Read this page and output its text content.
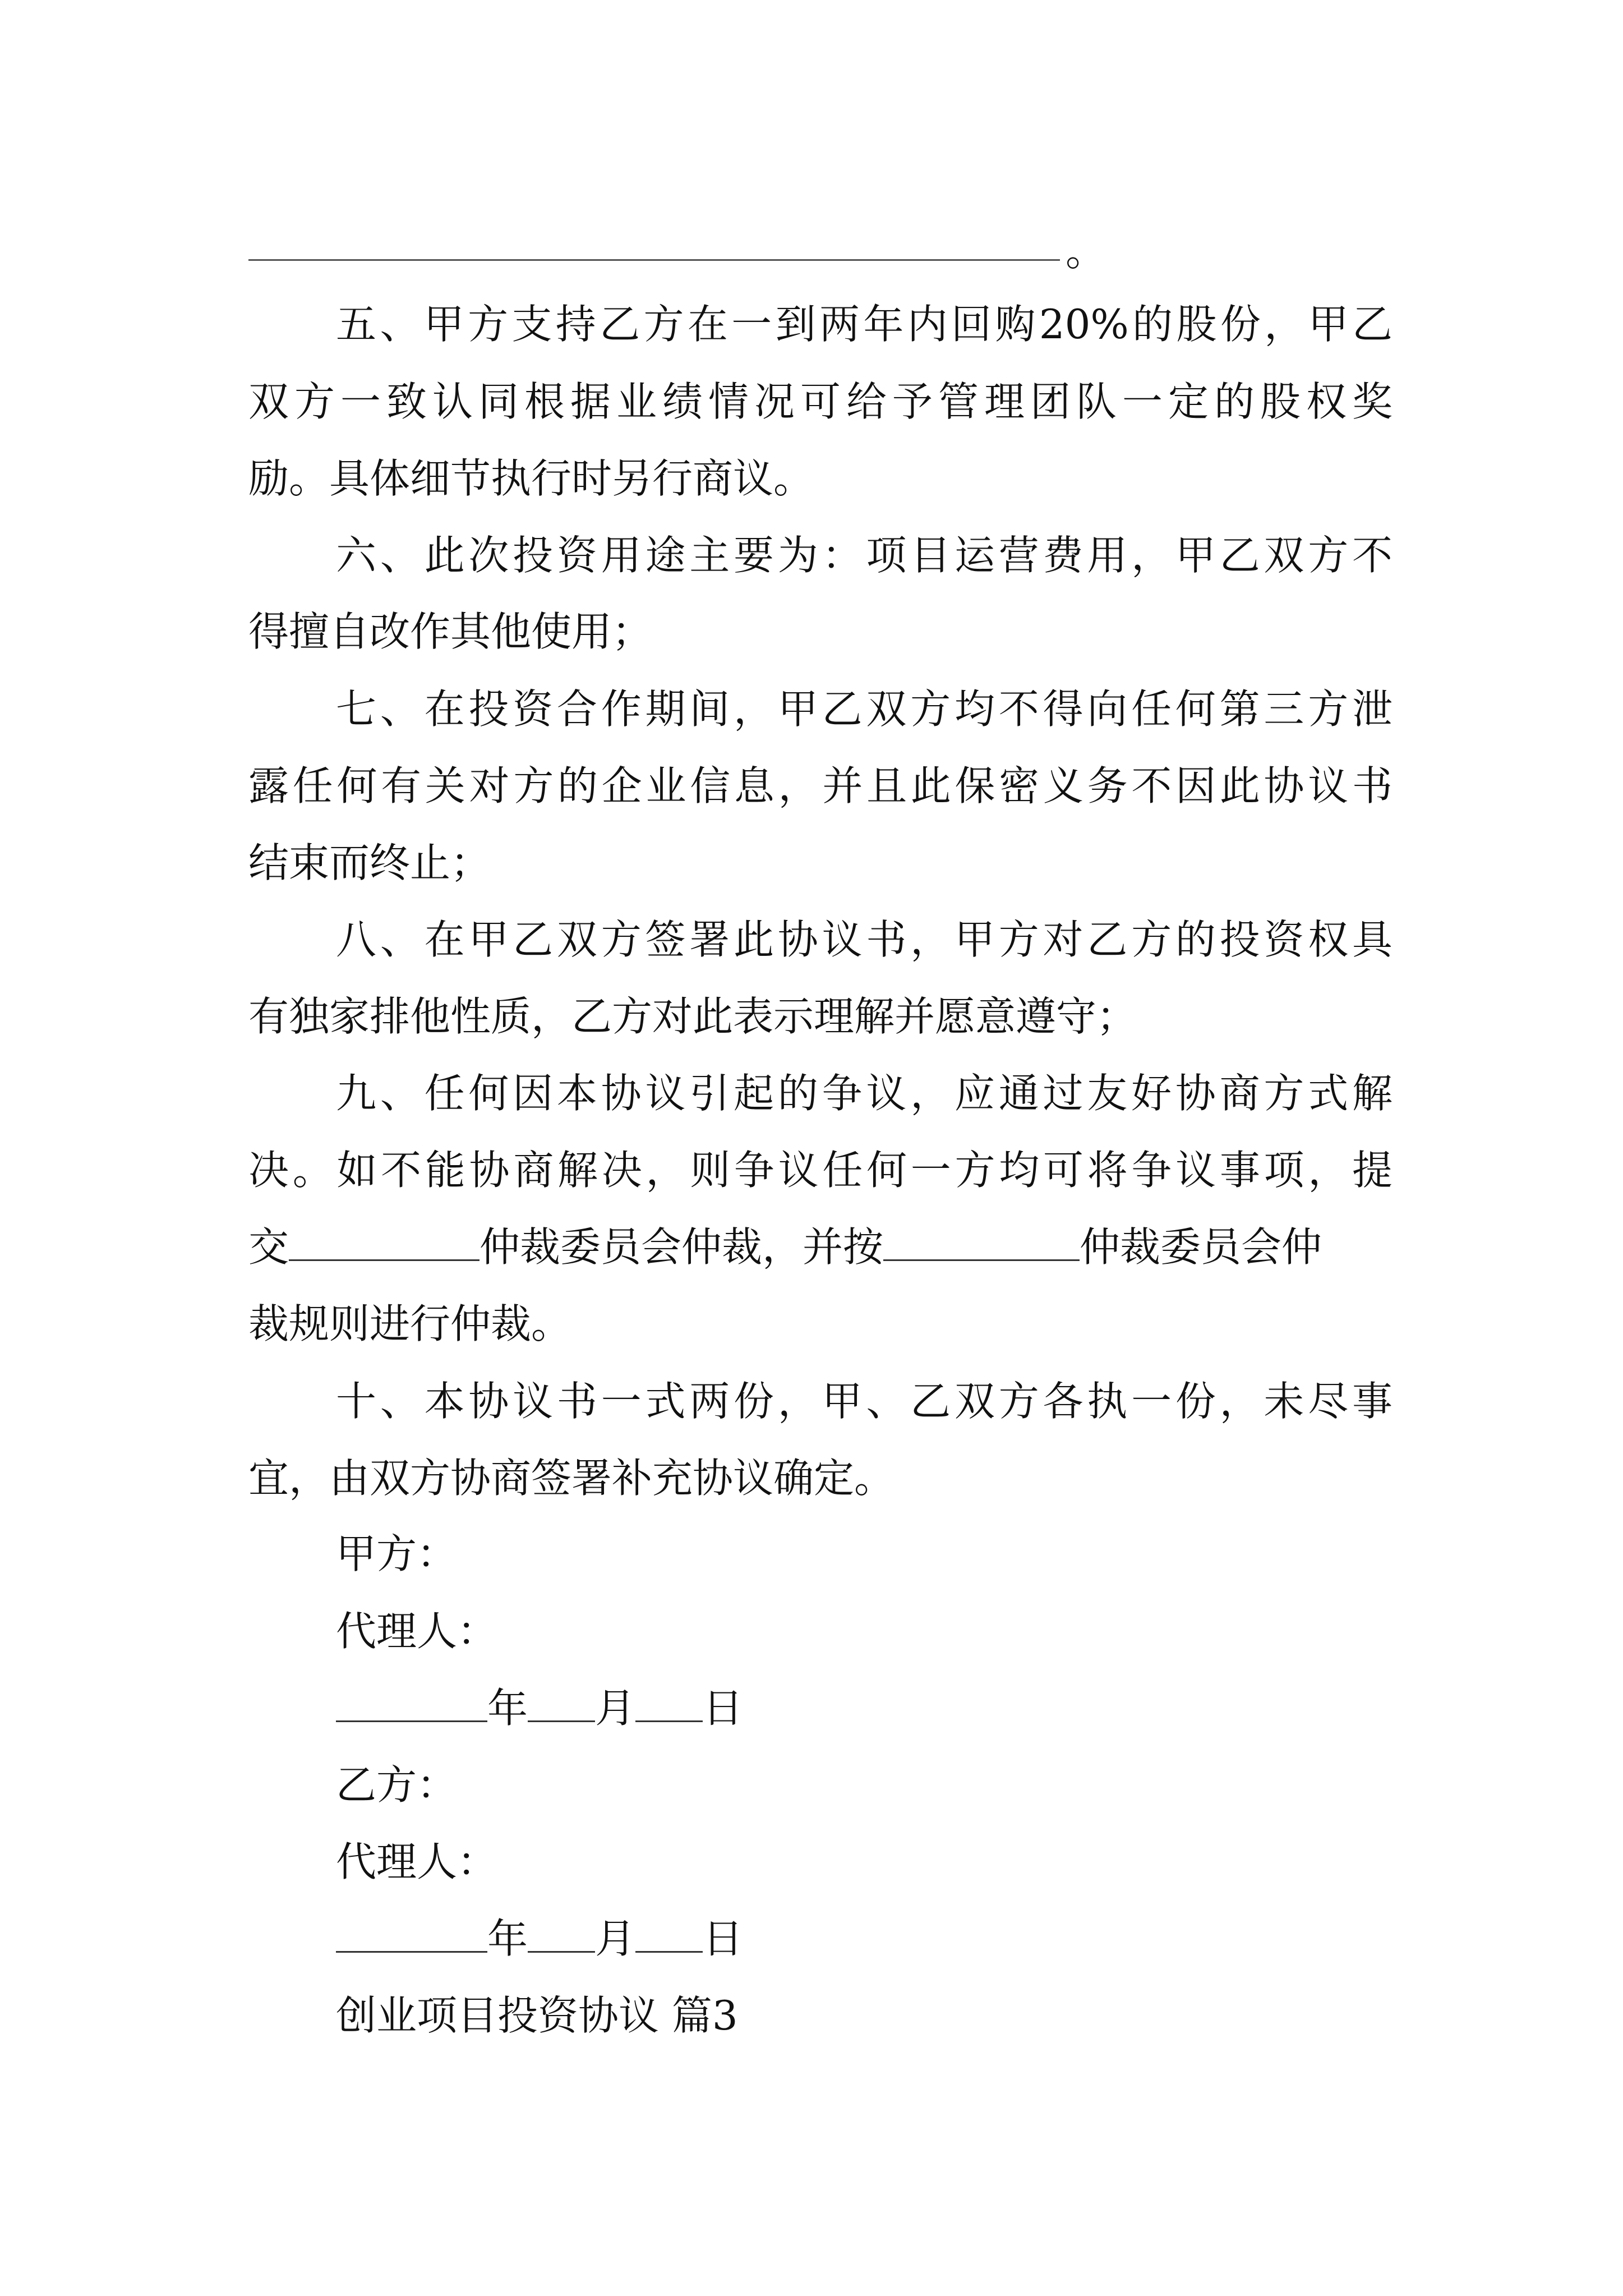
。
五、甲方支持乙方在一到两年内回购20%的股份，甲乙
双方一致认同根据业绩情况可给予管理团队一定的股权奖
励。具体细节执行时另行商议。
六、此次投资用途主要为：项目运营费用，甲乙双方不
得擅自改作其他使用；
七、在投资合作期间，甲乙双方均不得向任何第三方泄
露任何有关对方的企业信息，并且此保密义务不因此协议书
结束而终止；
八、在甲乙双方签署此协议书，甲方对乙方的投资权具
有独家排他性质，乙方对此表示理解并愿意遵守；
九、任何因本协议引起的争议，应通过友好协商方式解
决。如不能协商解决，则争议任何一方均可将争议事项，提
交	仲裁委员会仲裁，并按	仲裁委员会仲
裁规则进行仲裁。
十、本协议书一式两份，甲、乙双方各执一份，未尽事
宜，由双方协商签署补充协议确定。
甲方：
代理人：
年 月 日
乙方：
代理人：
年 月 日
创业项目投资协议 篇3
